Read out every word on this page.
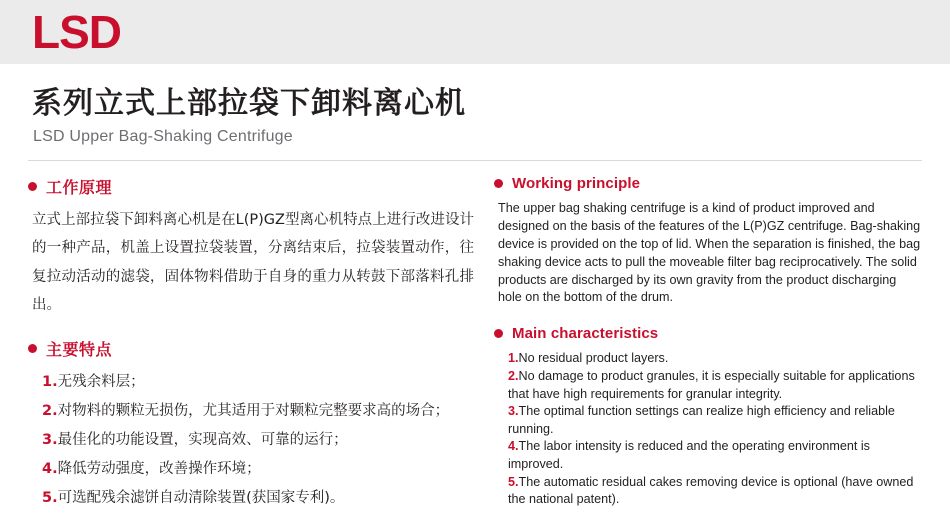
LSD
系列立式上部拉袋下卸料离心机
LSD Upper Bag-Shaking Centrifuge
工作原理
立式上部拉袋下卸料离心机是在L(P)GZ型离心机特点上进行改进设计的一种产品，机盖上设置拉袋装置，分离结束后，拉袋装置动作，往复拉动活动的滤袋，固体物料借助于自身的重力从转鼓下部落料孔排出。
主要特点
1.无残余料层；
2.对物料的颗粒无损伤，尤其适用于对颗粒完整要求高的场合；
3.最佳化的功能设置，实现高效、可靠的运行；
4.降低劳动强度，改善操作环境；
5.可选配残余滤饼自动清除装置(获国家专利)。
Working principle
The upper bag shaking centrifuge is a kind of product improved and designed on the basis of the features of the L(P)GZ centrifuge. Bag-shaking device is provided on the top of lid. When the separation is finished, the bag shaking device acts to pull the moveable filter bag reciprocatively. The solid products are discharged by its own gravity from the product discharging hole on the bottom of the drum.
Main characteristics
1.No residual product layers.
2.No damage to product granules, it is especially suitable for applications that have high requirements for granular integrity.
3.The optimal function settings can realize high efficiency and reliable running.
4.The labor intensity is reduced and the operating environment is improved.
5.The automatic residual cakes removing device is optional (have owned the national patent).
